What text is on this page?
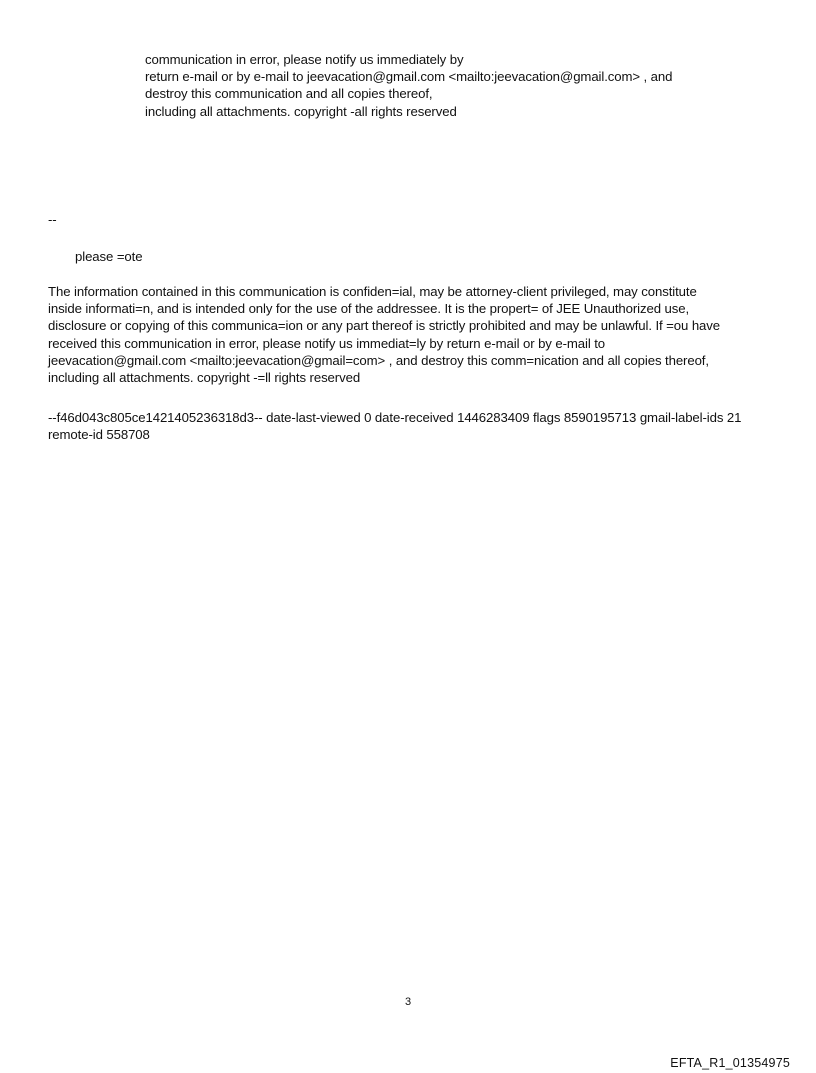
communication in error, please notify us immediately by
return e-mail or by e-mail to jeevacation@gmail.com <mailto:jeevacation@gmail.com> , and
destroy this communication and all copies thereof,
including all attachments. copyright -all rights reserved
--
please =ote
The information contained in this communication is confiden=ial, may be attorney-client privileged, may constitute
inside informati=n, and is intended only for the use of the addressee. It is the propert= of JEE Unauthorized use,
disclosure or copying of this communica=ion or any part thereof is strictly prohibited and may be unlawful. If =ou have
received this communication in error, please notify us immediat=ly by return e-mail or by e-mail to
jeevacation@gmail.com <mailto:jeevacation@gmail=com> , and destroy this comm=nication and all copies thereof,
including all attachments. copyright -=ll rights reserved
--f46d043c805ce1421405236318d3-- date-last-viewed 0 date-received 1446283409 flags 8590195713 gmail-label-ids 21
remote-id 558708
3
EFTA_R1_01354975
